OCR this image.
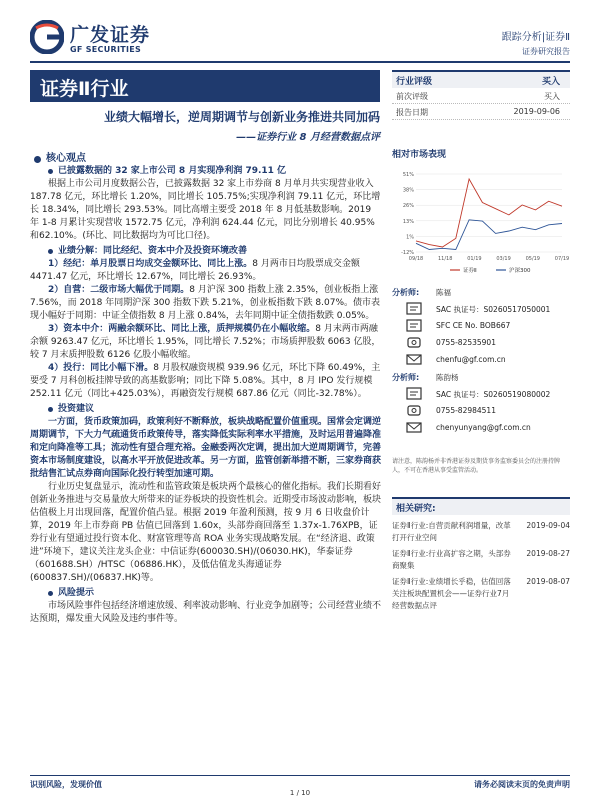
广发证券
GF SECURITIES
跟踪分析|证券Ⅱ
证券研究报告
证券Ⅱ行业
业绩大幅增长，逆周期调节与创新业务推进共同加码
——证券行业 8 月经营数据点评
行业评级	买入
前次评级	买入
报告日期	2019-09-06
相对市场表现
-12%
1%
13%
26%
38%
51%
09/18	11/18	01/19	03/19	05/19	07/19
证券Ⅱ	沪深300
分析师: 陈福
SAC 执证号：S0260517050001
SFC CE No. BOB667
0755-82535901
chenfu@gf.com.cn
分析师: 陈韵杨
SAC 执证号：S0260519080002
0755-82984511
chenyunyang@gf.com.cn
请注意，陈韵杨并非香港证券及期货事务监察委员会的注册持牌人，不可在香港从事受监管活动。
相关研究:
证券Ⅱ行业:自营贡献利润增量，改革打开行业空间
2019-09-04
证券Ⅱ行业:行业高扩容之期，头部券商聚集
2019-08-27
证券Ⅱ行业:业绩增长乎稳，估值回落关注板块配置机会——证券行业7月经营数据点评
2019-08-07
核心观点
已披露数据的 32 家上市公司 8 月实现净利润 79.11 亿
根据上市公司月度数据公告，已披露数据 32 家上市券商 8 月单月共实现营业收入 187.78 亿元，环比增长 1.20%，同比增长 105.75%;实现净利润 79.11 亿元，环比增长 18.34%，同比增长 293.53%。同比高增主要受 2018 年 8 月低基数影响。2019 年 1-8 月累计实现营收 1572.75 亿元，净利润 624.44 亿元，同比分别增长 40.95%和62.10%。(环比、同比数据均为可比口径)。
业绩分解：同比经纪、资本中介及投资环境改善
1）经纪：单月股票日均成交金额环比、同比上涨。8 月两市日均股票成交金额 4471.47 亿元，环比增长 12.67%，同比增长 26.93%。
2）自营：二级市场大幅优于同期。8 月沪深 300 指数上涨 2.35%，创业板指上涨 7.56%，而 2018 年同期沪深 300 指数下跌 5.21%，创业板指数下跌 8.07%。债市表现小幅好于同期：中证全债指数 8 月上涨 0.84%，去年同期中证全债指数跌 0.05%。
3）资本中介：两融余额环比、同比上涨，质押规模仍在小幅收缩。8 月末两市两融余额 9263.47 亿元，环比增长 1.95%，同比增长 7.52%；市场质押股数 6063 亿股，较 7 月末质押股数 6126 亿股小幅收缩。
4）投行：同比小幅下滑。8 月股权融资规模 939.96 亿元，环比下降 60.49%，主要受 7 月科创板挂牌导致的高基数影响；同比下降 5.08%。其中，8 月 IPO 发行规模 252.11 亿元（同比+425.03%），再融资发行规模 687.86 亿元（同比-32.78%）。
投资建议
一方面，货币政策加码，政策利好不断释放，板块战略配置价值重现。国常会定调逆周期调节，下大力气疏通货币政策传导，落实降低实际利率水平措施，及时运用普遍降准和定向降准等工具；流动性有望合理充裕。金融委两次定调，提出加大逆周期调节，完善资本市场制度建设，以高水平开放促进改革。另一方面，监管创新举措不断，三家券商获批结售汇试点券商向国际化投行转型加速可期。
行业历史复盘显示，流动性和监管政策是板块两个最核心的催化指标。我们长期看好创新业务推进与交易量放大所带来的证券板块的投资性机会。近期受市场波动影响，板块估值极上月出现回落，配置价值凸显。根据 2019 年盈利预测，按 9 月 6 日收盘价计算，2019 年上市券商 PB 估值已回落到 1.60x，头部券商回落至 1.37x-1.76XPB，证券行业有望通过投行资本化、财富管理等高 ROA 业务实现战略发展。在“经济退、政策进”环境下，建议关注龙头企业：中信证券(600030.SH)/(06030.HK)，华泰证券（601688.SH）/HTSC（06886.HK），及低估值龙头海通证券(600837.SH)/(06837.HK)等。
风险提示
市场风险事件包括经济增速放缓、利率波动影响、行业竞争加剧等；公司经营业绩不达预期，爆发重大风险及违约事件等。
识别风险，发现价值	请务必阅读末页的免责声明
1 / 10
